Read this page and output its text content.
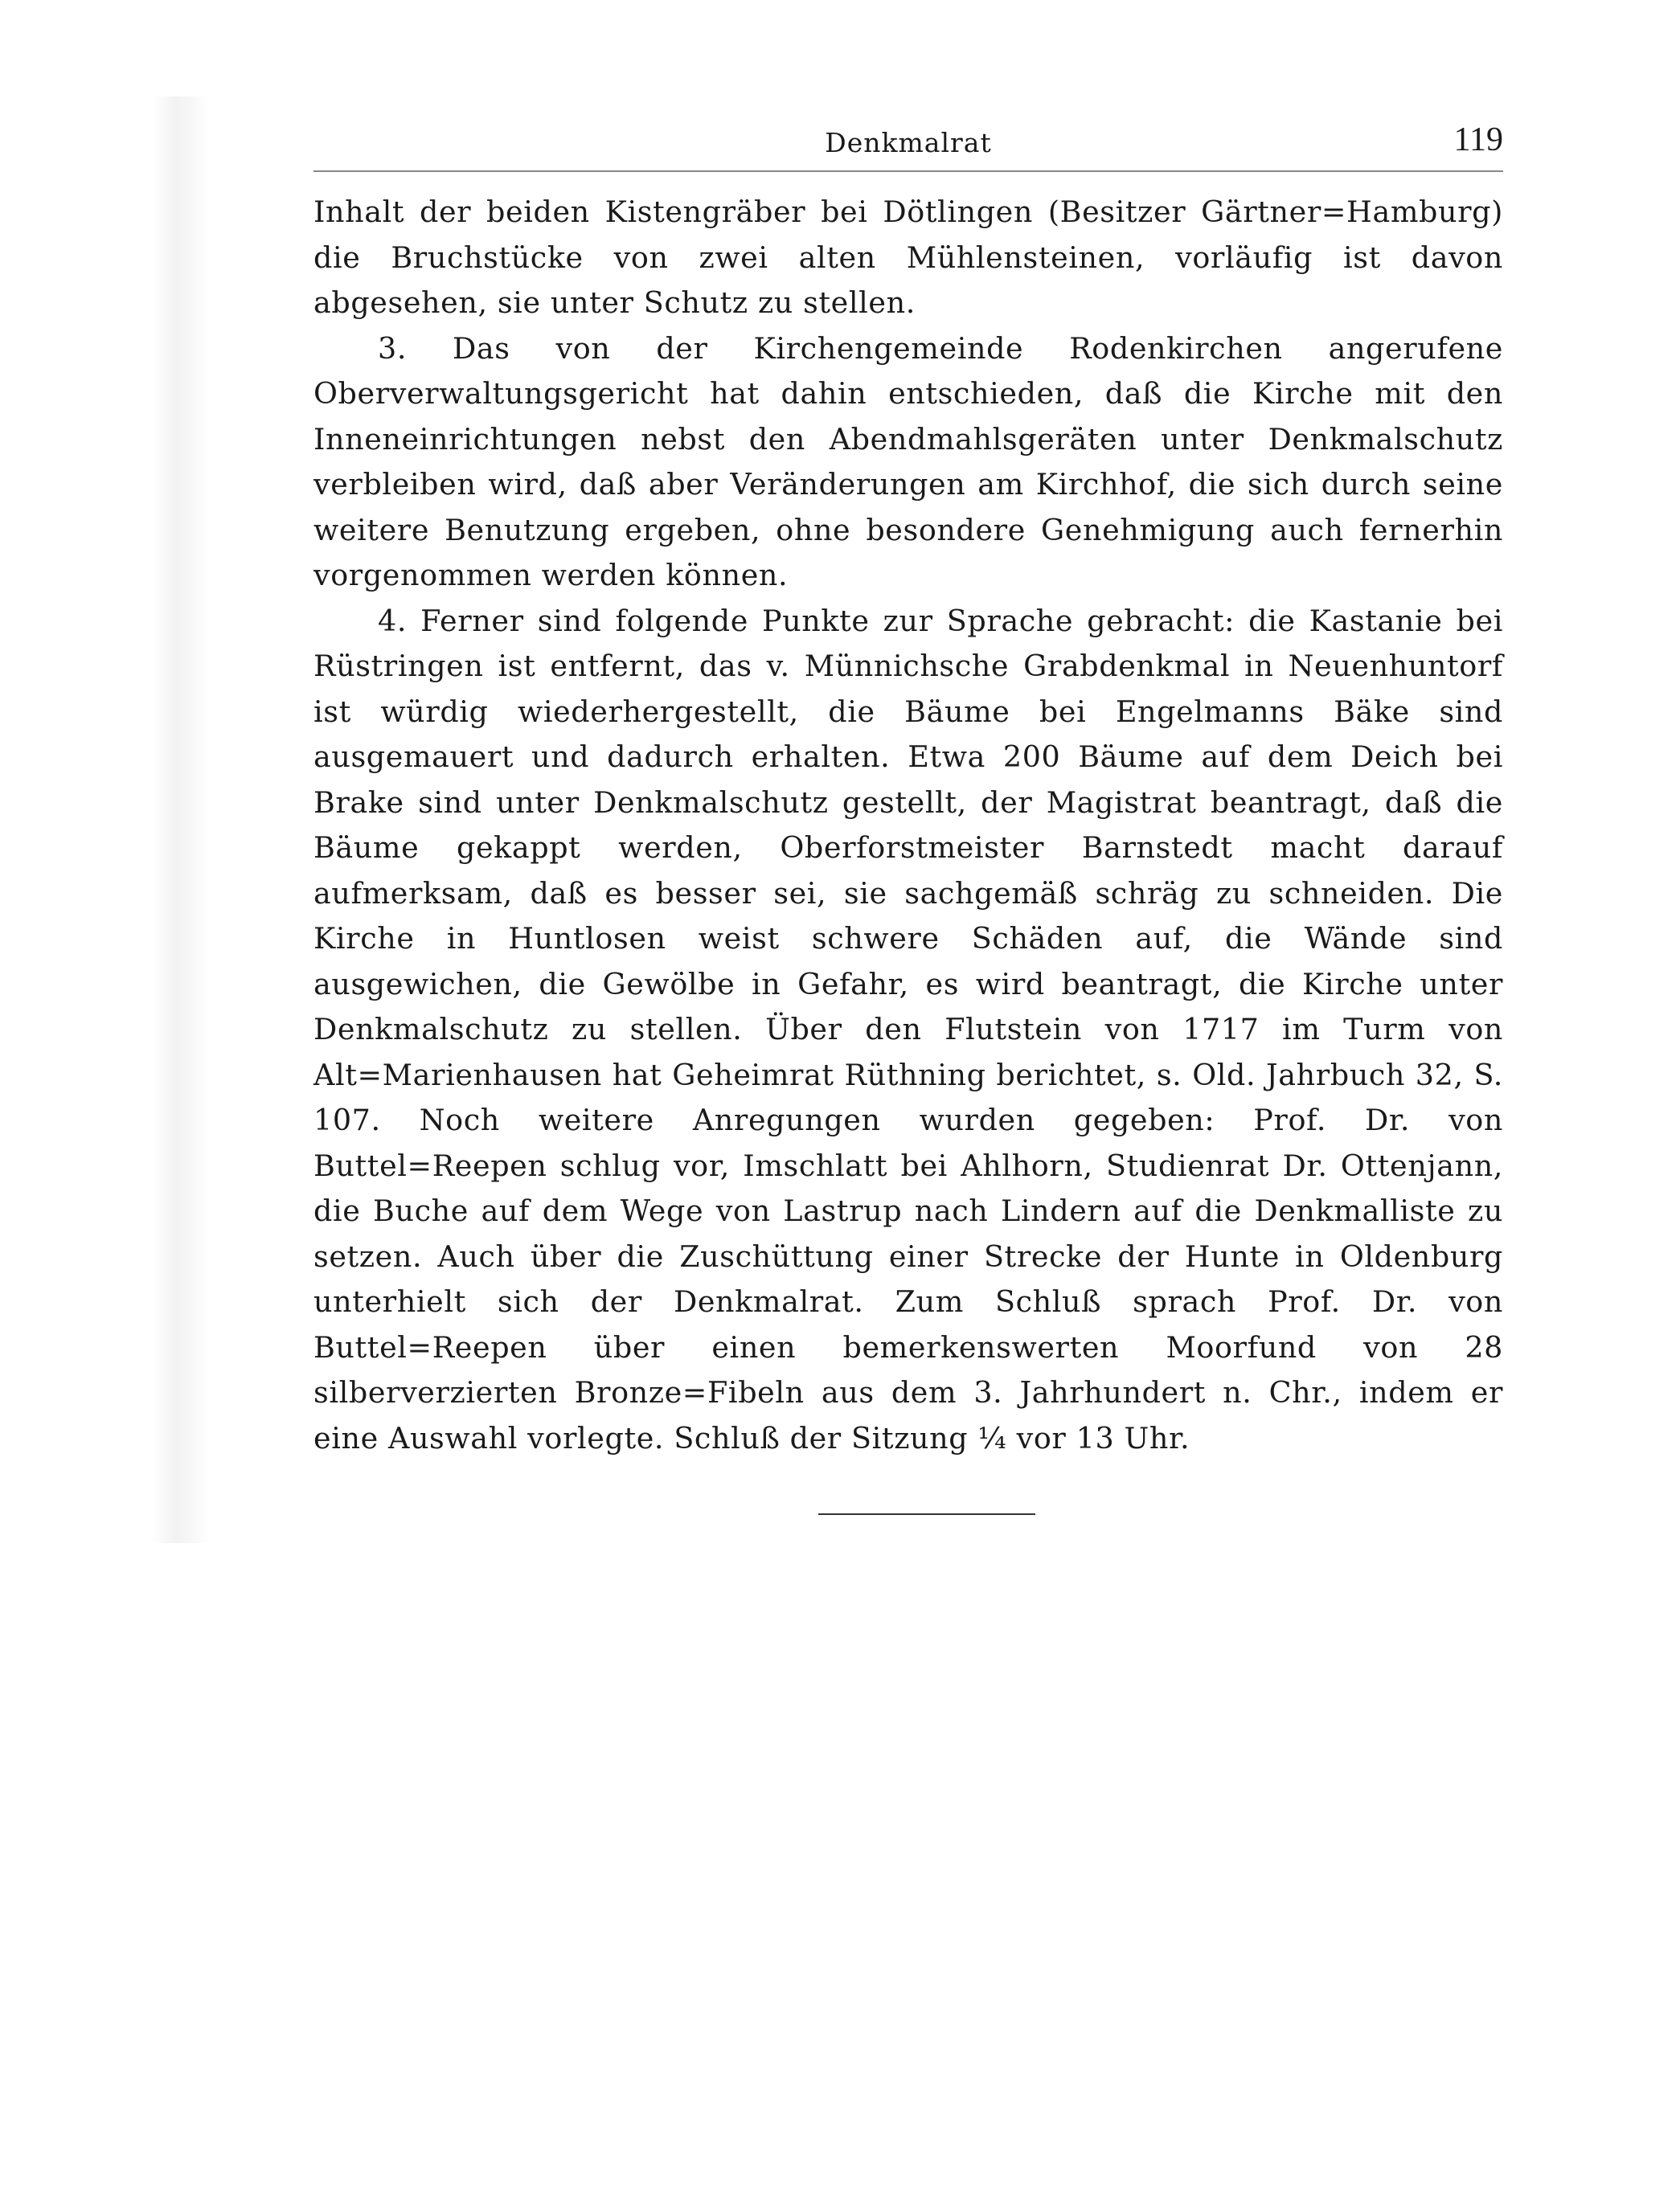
Denkmalrat	119

Inhalt der beiden Kistengräber bei Dötlingen (Besitzer Gärtner=Hamburg) die Bruchstücke von zwei alten Mühlensteinen, vorläufig ist davon abgesehen, sie unter Schutz zu stellen.

3. Das von der Kirchengemeinde Rodenkirchen angerufene Oberverwaltungsgericht hat dahin entschieden, daß die Kirche mit den Inneneinrichtungen nebst den Abendmahlsgeräten unter Denkmalschutz verbleiben wird, daß aber Veränderungen am Kirchhof, die sich durch seine weitere Benutzung ergeben, ohne besondere Genehmigung auch fernerhin vorgenommen werden können.

4. Ferner sind folgende Punkte zur Sprache gebracht: die Kastanie bei Rüstringen ist entfernt, das v. Münnichsche Grabdenkmal in Neuenhuntorf ist würdig wiederhergestellt, die Bäume bei Engelmanns Bäke sind ausgemauert und dadurch erhalten. Etwa 200 Bäume auf dem Deich bei Brake sind unter Denkmalschutz gestellt, der Magistrat beantragt, daß die Bäume gekappt werden, Oberforstmeister Barnstedt macht darauf aufmerksam, daß es besser sei, sie sachgemäß schräg zu schneiden. Die Kirche in Huntlosen weist schwere Schäden auf, die Wände sind ausgewichen, die Gewölbe in Gefahr, es wird beantragt, die Kirche unter Denkmalschutz zu stellen. Über den Flutstein von 1717 im Turm von Alt=Marienhausen hat Geheimrat Rüthning berichtet, s. Old. Jahrbuch 32, S. 107. Noch weitere Anregungen wurden gegeben: Prof. Dr. von Buttel=Reepen schlug vor, Imschlatt bei Ahlhorn, Studienrat Dr. Ottenjann, die Buche auf dem Wege von Lastrup nach Lindern auf die Denkmalliste zu setzen. Auch über die Zuschüttung einer Strecke der Hunte in Oldenburg unterhielt sich der Denkmalrat. Zum Schluß sprach Prof. Dr. von Buttel=Reepen über einen bemerkenswerten Moorfund von 28 silberverzierten Bronze=Fibeln aus dem 3. Jahrhundert n. Chr., indem er eine Auswahl vorlegte. Schluß der Sitzung ¼ vor 13 Uhr.
